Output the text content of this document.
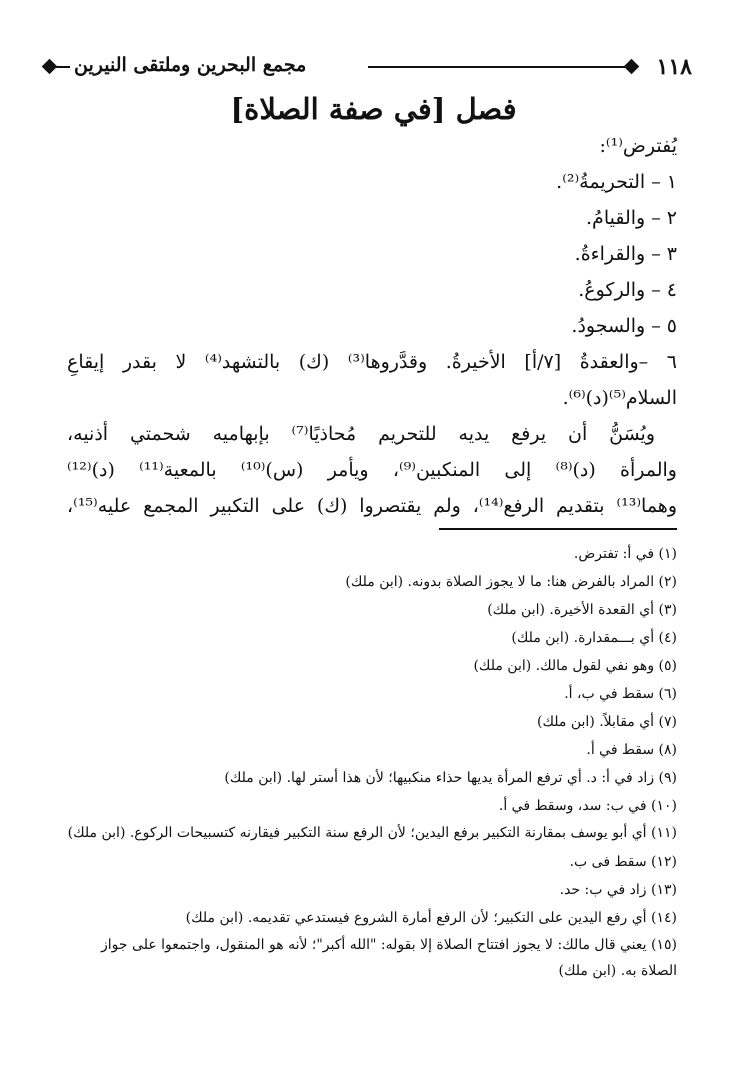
١١٨
مجمع البحرين وملتقى النيرين
فصل [في صفة الصلاة]
يُفترض⁽¹⁾:
١ – التحريمةُ⁽²⁾.
٢ – والقيامُ.
٣ – والقراءةُ.
٤ – والركوعُ.
٥ – والسجودُ.
٦ –والعقدةُ [٧/أ] الأخيرةُ. وقدَّروها⁽³⁾ (ك) بالتشهد⁽⁴⁾ لا بقدر إيقاعِ
السلام⁽⁵⁾(د)⁽⁶⁾.
ويُسَنُّ أن يرفع يديه للتحريم مُحاذيًا⁽⁷⁾ بإبهاميه شحمتي أذنيه،
والمرأة (د)⁽⁸⁾ إلى المنكبين⁽⁹⁾، ويأمر (س)⁽¹⁰⁾ بالمعية⁽¹¹⁾ (د)⁽¹²⁾
وهما⁽¹³⁾ بتقديم الرفع⁽¹⁴⁾، ولم يقتصروا (ك) على التكبير المجمع عليه⁽¹⁵⁾،
(١) في أ: تفترض.
(٢) المراد بالفرض هنا: ما لا يجوز الصلاة بدونه. (ابن ملك)
(٣) أي القعدة الأخيرة. (ابن ملك)
(٤) أي بـــمقدارة. (ابن ملك)
(٥) وهو نفي لقول مالك. (ابن ملك)
(٦) سقط في ب، أ.
(٧) أي مقابلاً. (ابن ملك)
(٨) سقط في أ.
(٩) زاد في أ: د. أي ترفع المرأة يديها حذاء منكبيها؛ لأن هذا أستر لها. (ابن ملك)
(١٠) في ب: سد، وسقط في أ.
(١١) أي أبو يوسف بمقارنة التكبير برفع اليدين؛ لأن الرفع سنة التكبير فيقارنه كتسبيحات الركوع. (ابن ملك)
(١٢) سقط فى ب.
(١٣) زاد في ب: حد.
(١٤) أي رفع اليدين على التكبير؛ لأن الرفع أمارة الشروع فيستدعي تقديمه. (ابن ملك)
(١٥) يعني قال مالك: لا يجوز افتتاح الصلاة إلا بقوله: "الله أكبر"؛ لأنه هو المنقول، واجتمعوا على جواز الصلاة به. (ابن ملك)
